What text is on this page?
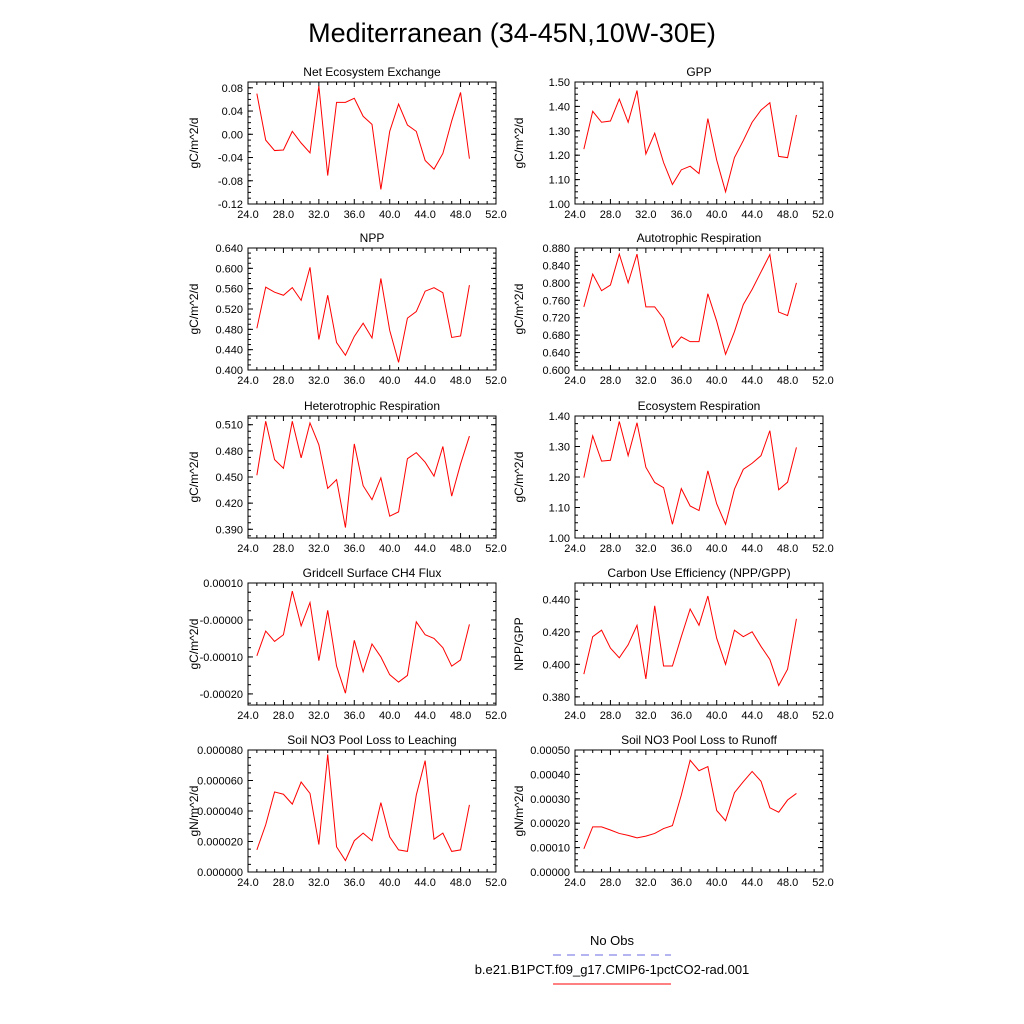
Mediterranean (34-45N,10W-30E)
Net Ecosystem Exchange
24.0 28.0 32.0 36.0 40.0 44.0 48.0 52.0
0.08
0.04
0.00
-0.04
-0.08
-0.12
gC/m^2/d
GPP
24.0 28.0 32.0 36.0 40.0 44.0 48.0 52.0
1.50
1.40
1.30
1.20
1.10
1.00
gC/m^2/d
NPP
24.0 28.0 32.0 36.0 40.0 44.0 48.0 52.0
0.640
0.600
0.560
0.520
0.480
0.440
0.400
gC/m^2/d
Autotrophic Respiration
24.0 28.0 32.0 36.0 40.0 44.0 48.0 52.0
0.880
0.840
0.800
0.760
0.720
0.680
0.640
0.600
gC/m^2/d
Heterotrophic Respiration
24.0 28.0 32.0 36.0 40.0 44.0 48.0 52.0
0.510
0.480
0.450
0.420
0.390
gC/m^2/d
Ecosystem Respiration
24.0 28.0 32.0 36.0 40.0 44.0 48.0 52.0
1.40
1.30
1.20
1.10
1.00
gC/m^2/d
Gridcell Surface CH4 Flux
24.0 28.0 32.0 36.0 40.0 44.0 48.0 52.0
0.00010
-0.00000
-0.00010
-0.00020
gC/m^2/d
Carbon Use Efficiency (NPP/GPP)
24.0 28.0 32.0 36.0 40.0 44.0 48.0 52.0
0.440
0.420
0.400
0.380
NPP/GPP
Soil NO3 Pool Loss to Leaching
24.0 28.0 32.0 36.0 40.0 44.0 48.0 52.0
0.000080
0.000060
0.000040
0.000020
0.000000
gN/m^2/d
Soil NO3 Pool Loss to Runoff
24.0 28.0 32.0 36.0 40.0 44.0 48.0 52.0
0.00050
0.00040
0.00030
0.00020
0.00010
0.00000
gN/m^2/d
No Obs
b.e21.B1PCT.f09_g17.CMIP6-1pctCO2-rad.001
